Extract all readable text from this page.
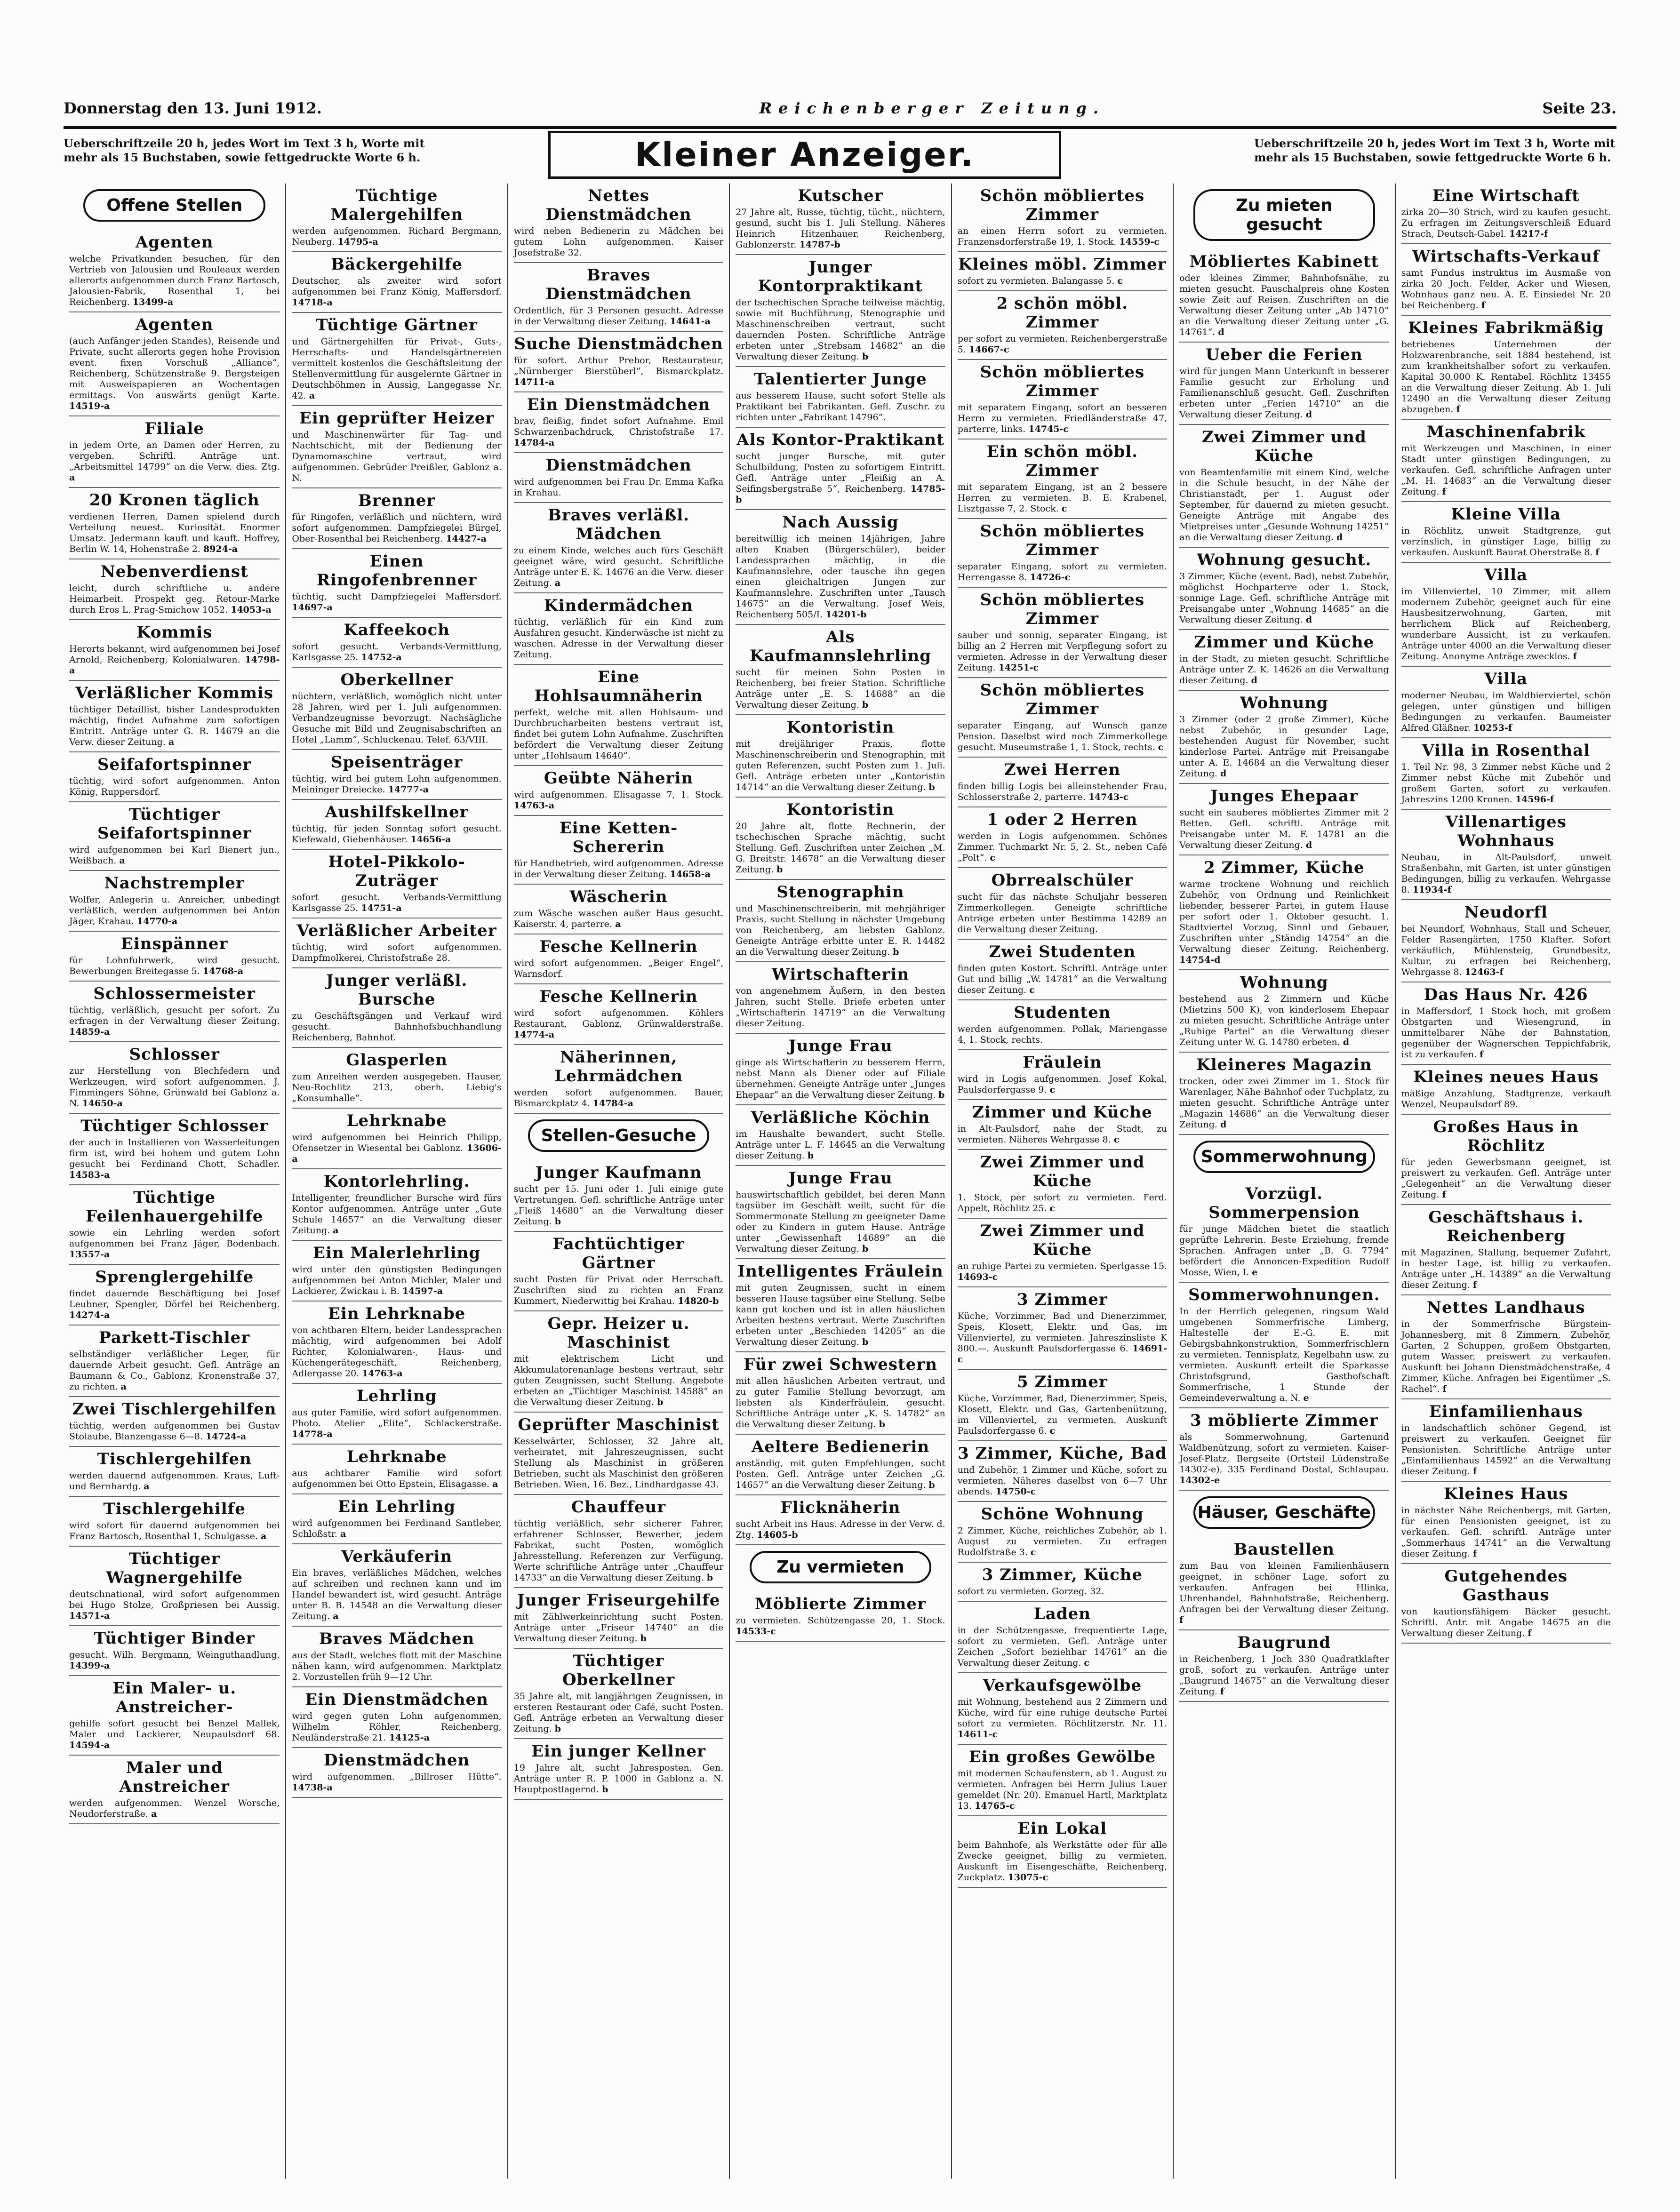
Donnerstag den 13. Juni 1912.	Reichenberger Zeitung.	Seite 23.
Ueberschriftzeile 20 h, jedes Wort im Text 3 h, Worte mit mehr als 15 Buchstaben, sowie fettgedruckte Worte 6 h.	Kleiner Anzeiger.	Ueberschriftzeile 20 h, jedes Wort im Text 3 h, Worte mit mehr als 15 Buchstaben, sowie fettgedruckte Worte 6 h.
Offene Stellen
Agenten

welche Privatkunden besuchen, für den Vertrieb von Jalousien und Rouleaux werden allerorts aufgenommen durch Franz Bartosch, Jalousien-Fabrik, Rosenthal 1, bei Reichenberg. 13499-a

Agenten

(auch Anfänger jeden Standes), Reisende und Private, sucht allerorts gegen hohe Provision event. fixen Vorschuß „Alliance“, Reichenberg, Schützenstraße 9. Bergsteigen mit Ausweispapieren an Wochentagen ermittags. Von auswärts genügt Karte. 14519-a

Filiale

in jedem Orte, an Damen oder Herren, zu vergeben. Schriftl. Anträge unt. „Arbeitsmittel 14799“ an die Verw. dies. Ztg. a

20 Kronen täglich

verdienen Herren, Damen spielend durch Verteilung neuest. Kuriosität. Enormer Umsatz. Jedermann kauft und kauft. Hoffrey, Berlin W. 14, Hohenstraße 2. 8924-a

Nebenverdienst

leicht, durch schriftliche u. andere Heimarbeit. Prospekt geg. Retour-Marke durch Eros L. Prag-Smichow 1052. 14053-a

Kommis

Herorts bekannt, wird aufgenommen bei Josef Arnold, Reichenberg, Kolonialwaren. 14798-a

Verläßlicher Kommis

tüchtiger Detaillist, bisher Landesprodukten mächtig, findet Aufnahme zum sofortigen Eintritt. Anträge unter G. R. 14679 an die Verw. dieser Zeitung. a

Seifafortspinner

tüchtig, wird sofort aufgenommen. Anton König, Ruppersdorf.

Tüchtiger Seifafortspinner

wird aufgenommen bei Karl Bienert jun., Weißbach. a

Nachstrempler

Wolfer, Anlegerin u. Anreicher, unbedingt verläßlich, werden aufgenommen bei Anton Jäger, Krahau. 14770-a

Einspänner

für Lohnfuhrwerk, wird gesucht. Bewerbungen Breitegasse 5. 14768-a

Schlossermeister

tüchtig, verläßlich, gesucht per sofort. Zu erfragen in der Verwaltung dieser Zeitung. 14859-a

Schlosser

zur Herstellung von Blechfedern und Werkzeugen, wird sofort aufgenommen. J. Fimmingers Söhne, Grünwald bei Gablonz a. N. 14650-a

Tüchtiger Schlosser

der auch in Installieren von Wasserleitungen firm ist, wird bei hohem und gutem Lohn gesucht bei Ferdinand Chott, Schadler. 14583-a

Tüchtige Feilenhauergehilfe

sowie ein Lehrling werden sofort aufgenommen bei Franz Jäger, Bodenbach. 13557-a

Sprenglergehilfe

findet dauernde Beschäftigung bei Josef Leubner, Spengler, Dörfel bei Reichenberg. 14274-a

Parkett-Tischler

selbständiger verläßlicher Leger, für dauernde Arbeit gesucht. Gefl. Anträge an Baumann & Co., Gablonz, Kronenstraße 37, zu richten. a

Zwei Tischlergehilfen

tüchtig, werden aufgenommen bei Gustav Stolaube, Blanzengasse 6—8. 14724-a

Tischlergehilfen

werden dauernd aufgenommen. Kraus, Luft- und Bernhardg. a

Tischlergehilfe

wird sofort für dauernd aufgenommen bei Franz Bartosch, Rosenthal 1, Schulgasse. a

Tüchtiger Wagnergehilfe

deutschnational, wird sofort aufgenommen bei Hugo Stolze, Großpriesen bei Aussig. 14571-a

Tüchtiger Binder

gesucht. Wilh. Bergmann, Weinguthandlung. 14399-a

Ein Maler- u. Anstreicher-

gehilfe sofort gesucht bei Benzel Mallek, Maler und Lackierer, Neupaulsdorf 68. 14594-a

Maler und Anstreicher

werden aufgenommen. Wenzel Worsche, Neudorferstraße. a

Tüchtige Malergehilfen

werden aufgenommen. Richard Bergmann, Neuberg. 14795-a

Bäckergehilfe

Deutscher, als zweiter wird sofort aufgenommen bei Franz König, Maffersdorf. 14718-a

Tüchtige Gärtner

und Gärtnergehilfen für Privat-, Guts-, Herrschafts- und Handelsgärtnereien vermittelt kostenlos die Geschäftsleitung der Stellenvermittlung für ausgelernte Gärtner in Deutschböhmen in Aussig, Langegasse Nr. 42. a

Ein geprüfter Heizer

und Maschinenwärter für Tag- und Nachtschicht, mit der Bedienung der Dynamomaschine vertraut, wird aufgenommen. Gebrüder Preißler, Gablonz a. N.

Brenner

für Ringofen, verläßlich und nüchtern, wird sofort aufgenommen. Dampfziegelei Bürgel, Ober-Rosenthal bei Reichenberg. 14427-a

Einen Ringofenbrenner

tüchtig, sucht Dampfziegelei Maffersdorf. 14697-a

Kaffeekoch

sofort gesucht. Verbands-Vermittlung, Karlsgasse 25. 14752-a

Oberkellner

nüchtern, verläßlich, womöglich nicht unter 28 Jahren, wird per 1. Juli aufgenommen. Verbandzeugnisse bevorzugt. Nachsägliche Gesuche mit Bild und Zeugnisabschriften an Hotel „Lamm“, Schluckenau. Telef. 63/VIII.

Speisenträger

tüchtig, wird bei gutem Lohn aufgenommen. Meininger Dreiecke. 14777-a

Aushilfskellner

tüchtig, für jeden Sonntag sofort gesucht. Kiefewald, Giebenhäuser. 14656-a

Hotel-Pikkolo-Zuträger

sofort gesucht. Verbands-Vermittlung Karlsgasse 25. 14751-a

Verläßlicher Arbeiter

tüchtig, wird sofort aufgenommen. Dampfmolkerei, Christofstraße 28.

Junger verläßl. Bursche

zu Geschäftsgängen und Verkauf wird gesucht. Bahnhofsbuchhandlung Reichenberg, Bahnhof.

Glasperlen

zum Anreihen werden ausgegeben. Hauser, Neu-Rochlitz 213, oberh. Liebig's „Konsumhalle“.

Lehrknabe

wird aufgenommen bei Heinrich Philipp, Ofensetzer in Wiesental bei Gablonz. 13606-a

Kontorlehrling.

Intelligenter, freundlicher Bursche wird fürs Kontor aufgenommen. Anträge unter „Gute Schule 14657“ an die Verwaltung dieser Zeitung. a

Ein Malerlehrling

wird unter den günstigsten Bedingungen aufgenommen bei Anton Michler, Maler und Lackierer, Zwickau i. B. 14597-a

Ein Lehrknabe

von achtbaren Eltern, beider Landessprachen mächtig, wird aufgenommen bei Adolf Richter, Kolonialwaren-, Haus- und Küchengerätegeschäft, Reichenberg, Adlergasse 20. 14763-a

Lehrling

aus guter Familie, wird sofort aufgenommen. Photo. Atelier „Elite“, Schlackerstraße. 14778-a

Lehrknabe

aus achtbarer Familie wird sofort aufgenommen bei Otto Epstein, Elisagasse. a

Ein Lehrling

wird aufgenommen bei Ferdinand Santleber, Schloßstr. a

Verkäuferin

Ein braves, verläßliches Mädchen, welches auf schreiben und rechnen kann und im Handel bewandert ist, wird gesucht. Anträge unter B. B. 14548 an die Verwaltung dieser Zeitung. a

Braves Mädchen

aus der Stadt, welches flott mit der Maschine nähen kann, wird aufgenommen. Marktplatz 2. Vorzustellen früh 9—12 Uhr.

Ein Dienstmädchen

wird gegen guten Lohn aufgenommen, Wilhelm Röhler, Reichenberg, Neuländerstraße 21. 14125-a

Dienstmädchen

wird aufgenommen. „Billroser Hütte“. 14738-a

Nettes Dienstmädchen

wird neben Bedienerin zu Mädchen bei gutem Lohn aufgenommen. Kaiser Josefstraße 32.

Braves Dienstmädchen

Ordentlich, für 3 Personen gesucht. Adresse in der Verwaltung dieser Zeitung. 14641-a

Suche Dienstmädchen

für sofort. Arthur Prebor, Restaurateur, „Nürnberger Bierstüberl“, Bismarckplatz. 14711-a

Ein Dienstmädchen

brav, fleißig, findet sofort Aufnahme. Emil Schwarzenbachdruck, Christofstraße 17. 14784-a

Dienstmädchen

wird aufgenommen bei Frau Dr. Emma Kafka in Krahau.

Braves verläßl. Mädchen

zu einem Kinde, welches auch fürs Geschäft geeignet wäre, wird gesucht. Schriftliche Anträge unter E. K. 14676 an die Verw. dieser Zeitung. a

Kindermädchen

tüchtig, verläßlich für ein Kind zum Ausfahren gesucht. Kinderwäsche ist nicht zu waschen. Adresse in der Verwaltung dieser Zeitung.

Eine Hohlsaumnäherin

perfekt, welche mit allen Hohlsaum- und Durchbrucharbeiten bestens vertraut ist, findet bei gutem Lohn Aufnahme. Zuschriften befördert die Verwaltung dieser Zeitung unter „Hohlsaum 14640“.

Geübte Näherin

wird aufgenommen. Elisagasse 7, 1. Stock. 14763-a

Eine Ketten-Schererin

für Handbetrieb, wird aufgenommen. Adresse in der Verwaltung dieser Zeitung. 14658-a

Wäscherin

zum Wäsche waschen außer Haus gesucht. Kaiserstr. 4, parterre. a

Fesche Kellnerin

wird sofort aufgenommen. „Beiger Engel“, Warnsdorf.

Fesche Kellnerin

wird sofort aufgenommen. Köhlers Restaurant, Gablonz, Grünwalderstraße. 14774-a

Näherinnen, Lehrmädchen

werden sofort aufgenommen. Bauer, Bismarckplatz 4. 14784-a

Stellen-Gesuche
Junger Kaufmann

sucht per 15. Juni oder 1. Juli einige gute Vertretungen. Gefl. schriftliche Anträge unter „Fleiß 14680“ an die Verwaltung dieser Zeitung. b

Fachtüchtiger Gärtner

sucht Posten für Privat oder Herrschaft. Zuschriften sind zu richten an Franz Kummert, Niederwittig bei Krahau. 14820-b

Gepr. Heizer u. Maschinist

mit elektrischem Licht und Akkumulatorenanlage bestens vertraut, sehr guten Zeugnissen, sucht Stellung. Angebote erbeten an „Tüchtiger Maschinist 14588“ an die Verwaltung dieser Zeitung. b

Geprüfter Maschinist

Kesselwärter, Schlosser, 32 Jahre alt, verheiratet, mit Jahreszeugnissen, sucht Stellung als Maschinist in größeren Betrieben, sucht als Maschinist den größeren Betrieben. Wien, 16. Bez., Lindhardgasse 43.

Chauffeur

tüchtig verläßlich, sehr sicherer Fahrer, erfahrener Schlosser, Bewerber, jedem Fabrikat, sucht Posten, womöglich Jahresstellung. Referenzen zur Verfügung. Werte schriftliche Anträge unter „Chauffeur 14733“ an die Verwaltung dieser Zeitung. b

Junger Friseurgehilfe

mit Zählwerkeinrichtung sucht Posten. Anträge unter „Friseur 14740“ an die Verwaltung dieser Zeitung. b

Tüchtiger Oberkellner

35 Jahre alt, mit langjährigen Zeugnissen, in ersteren Restaurant oder Café, sucht Posten. Gefl. Anträge erbeten an Verwaltung dieser Zeitung. b

Ein junger Kellner

19 Jahre alt, sucht Jahresposten. Gen. Anträge unter R. P. 1000 in Gablonz a. N. Hauptpostlagernd. b

Kutscher

27 Jahre alt, Russe, tüchtig, tücht., nüchtern, gesund, sucht bis 1. Juli Stellung. Näheres Heinrich Hitzenhauer, Reichenberg, Gablonzerstr. 14787-b

Junger Kontorpraktikant

der tschechischen Sprache teilweise mächtig, sowie mit Buchführung, Stenographie und Maschinenschreiben vertraut, sucht dauernden Posten. Schriftliche Anträge erbeten unter „Strebsam 14682“ an die Verwaltung dieser Zeitung. b

Talentierter Junge

aus besserem Hause, sucht sofort Stelle als Praktikant bei Fabrikanten. Gefl. Zuschr. zu richten unter „Fabrikant 14796“.

Als Kontor-Praktikant

sucht junger Bursche, mit guter Schulbildung, Posten zu sofortigem Eintritt. Gefl. Anträge unter „Fleißig an A. Seifingsbergstraße 5“, Reichenberg. 14785-b

Nach Aussig

bereitwillig ich meinen 14jährigen, Jahre alten Knaben (Bürgerschüler), beider Landessprachen mächtig, in die Kaufmannslehre, oder tausche ihn gegen einen gleichaltrigen Jungen zur Kaufmannslehre. Zuschriften unter „Tausch 14675“ an die Verwaltung. Josef Weis, Reichenberg 505/I. 14201-b

Als Kaufmannslehrling

sucht für meinen Sohn Posten in Reichenberg, bei freier Station. Schriftliche Anträge unter „E. S. 14688“ an die Verwaltung dieser Zeitung. b

Kontoristin

mit dreijähriger Praxis, flotte Maschinenschreiberin und Stenographin, mit guten Referenzen, sucht Posten zum 1. Juli. Gefl. Anträge erbeten unter „Kontoristin 14714“ an die Verwaltung dieser Zeitung. b

Kontoristin

20 Jahre alt, flotte Rechnerin, der tschechischen Sprache mächtig, sucht Stellung. Gefl. Zuschriften unter Zeichen „M. G. Breitstr. 14678“ an die Verwaltung dieser Zeitung. b

Stenographin

und Maschinenschreiberin, mit mehrjähriger Praxis, sucht Stellung in nächster Umgebung von Reichenberg, am liebsten Gablonz. Geneigte Anträge erbitte unter E. R. 14482 an die Verwaltung dieser Zeitung. b

Wirtschafterin

von angenehmem Äußern, in den besten Jahren, sucht Stelle. Briefe erbeten unter „Wirtschafterin 14719“ an die Verwaltung dieser Zeitung.

Junge Frau

ginge als Wirtschafterin zu besserem Herrn, nebst Mann als Diener oder auf Filiale übernehmen. Geneigte Anträge unter „Junges Ehepaar“ an die Verwaltung dieser Zeitung. b

Verläßliche Köchin

im Haushalte bewandert, sucht Stelle. Anträge unter L. F. 14645 an die Verwaltung dieser Zeitung. b

Junge Frau

hauswirtschaftlich gebildet, bei deren Mann tagsüber im Geschäft weilt, sucht für die Sommermonate Stellung zu geeigneter Dame oder zu Kindern in gutem Hause. Anträge unter „Gewissenhaft 14689“ an die Verwaltung dieser Zeitung. b

Intelligentes Fräulein

mit guten Zeugnissen, sucht in einem besseren Hause tagsüber eine Stellung. Selbe kann gut kochen und ist in allen häuslichen Arbeiten bestens vertraut. Werte Zuschriften erbeten unter „Beschieden 14205“ an die Verwaltung dieser Zeitung. b

Für zwei Schwestern

mit allen häuslichen Arbeiten vertraut, und zu guter Familie Stellung bevorzugt, am liebsten als Kinderfräulein, gesucht. Schriftliche Anträge unter „K. S. 14782“ an die Verwaltung dieser Zeitung. b

Aeltere Bedienerin

anständig, mit guten Empfehlungen, sucht Posten. Gefl. Anträge unter Zeichen „G. 14657“ an die Verwaltung dieser Zeitung. b

Flicknäherin

sucht Arbeit ins Haus. Adresse in der Verw. d. Ztg. 14605-b

Zu vermieten
Möblierte Zimmer

zu vermieten. Schützengasse 20, 1. Stock. 14533-c

Schön möbliertes Zimmer

an einen Herrn sofort zu vermieten. Franzensdorferstraße 19, 1. Stock. 14559-c

Kleines möbl. Zimmer

sofort zu vermieten. Balangasse 5. c

2 schön möbl. Zimmer

per sofort zu vermieten. Reichenbergerstraße 5. 14667-c

Schön möbliertes Zimmer

mit separatem Eingang, sofort an besseren Herrn zu vermieten. Friedländerstraße 47, parterre, links. 14745-c

Ein schön möbl. Zimmer

mit separatem Eingang, ist an 2 bessere Herren zu vermieten. B. E. Krabenel, Lisztgasse 7, 2. Stock. c

Schön möbliertes Zimmer

separater Eingang, sofort zu vermieten. Herrengasse 8. 14726-c

Schön möbliertes Zimmer

sauber und sonnig, separater Eingang, ist billig an 2 Herren mit Verpflegung sofort zu vermieten. Adresse in der Verwaltung dieser Zeitung. 14251-c

Schön möbliertes Zimmer

separater Eingang, auf Wunsch ganze Pension. Daselbst wird noch Zimmerkollege gesucht. Museumstraße 1, 1. Stock, rechts. c

Zwei Herren

finden billig Logis bei alleinstehender Frau, Schlosserstraße 2, parterre. 14743-c

1 oder 2 Herren

werden in Logis aufgenommen. Schönes Zimmer. Tuchmarkt Nr. 5, 2. St., neben Café „Polt“. c

Obrrealschüler

sucht für das nächste Schuljahr besseren Zimmerkollegen. Geneigte schriftliche Anträge erbeten unter Bestimma 14289 an die Verwaltung dieser Zeitung.

Zwei Studenten

finden guten Kostort. Schriftl. Anträge unter Gut und billig „W. 14781“ an die Verwaltung dieser Zeitung. c

Studenten

werden aufgenommen. Pollak, Mariengasse 4, 1. Stock, rechts.

Fräulein

wird in Logis aufgenommen. Josef Kokal, Paulsdorfergasse 9. c

Zimmer und Küche

in Alt-Paulsdorf, nahe der Stadt, zu vermieten. Näheres Wehrgasse 8. c

Zwei Zimmer und Küche

1. Stock, per sofort zu vermieten. Ferd. Appelt, Röchlitz 25. c

Zwei Zimmer und Küche

an ruhige Partei zu vermieten. Sperlgasse 15. 14693-c

3 Zimmer

Küche, Vorzimmer, Bad und Dienerzimmer, Speis, Klosett, Elektr. und Gas, im Villenviertel, zu vermieten. Jahreszinsliste K 800.—. Auskunft Paulsdorfergasse 6. 14691-c

5 Zimmer

Küche, Vorzimmer, Bad, Dienerzimmer, Speis, Klosett, Elektr. und Gas, Gartenbenützung, im Villenviertel, zu vermieten. Auskunft Paulsdorfergasse 6. c

3 Zimmer, Küche, Bad

und Zubehör, 1 Zimmer und Küche, sofort zu vermieten. Näheres daselbst von 6—7 Uhr abends. 14750-c

Schöne Wohnung

2 Zimmer, Küche, reichliches Zubehör, ab 1. August zu vermieten. Zu erfragen Rudolfstraße 3. c

3 Zimmer, Küche

sofort zu vermieten. Gorzeg. 32.

Laden

in der Schützengasse, frequentierte Lage, sofort zu vermieten. Gefl. Anträge unter Zeichen „Sofort beziehbar 14761“ an die Verwaltung dieser Zeitung. c

Verkaufsgewölbe

mit Wohnung, bestehend aus 2 Zimmern und Küche, wird für eine ruhige deutsche Partei sofort zu vermieten. Röchlitzerstr. Nr. 11. 14611-c

Ein großes Gewölbe

mit modernen Schaufenstern, ab 1. August zu vermieten. Anfragen bei Herrn Julius Lauer gemeldet (Nr. 20). Emanuel Hartl, Marktplatz 13. 14765-c

Ein Lokal

beim Bahnhofe, als Werkstätte oder für alle Zwecke geeignet, billig zu vermieten. Auskunft im Eisengeschäfte, Reichenberg, Zuckplatz. 13075-c

Zu mieten gesucht
Möbliertes Kabinett

oder kleines Zimmer, Bahnhofsnähe, zu mieten gesucht. Pauschalpreis ohne Kosten sowie Zeit auf Reisen. Zuschriften an die Verwaltung dieser Zeitung unter „Ab 14710“ an die Verwaltung dieser Zeitung unter „G. 14761“. d

Ueber die Ferien

wird für jungen Mann Unterkunft in besserer Familie gesucht zur Erholung und Familienanschluß gesucht. Gefl. Zuschriften erbeten unter „Ferien 14710“ an die Verwaltung dieser Zeitung. d

Zwei Zimmer und Küche

von Beamtenfamilie mit einem Kind, welche in die Schule besucht, in der Nähe der Christianstadt, per 1. August oder September, für dauernd zu mieten gesucht. Geneigte Anträge mit Angabe des Mietpreises unter „Gesunde Wohnung 14251“ an die Verwaltung dieser Zeitung. d

Wohnung gesucht.

3 Zimmer, Küche (event. Bad), nebst Zubehör, möglichst Hochparterre oder 1. Stock, sonnige Lage. Gefl. schriftliche Anträge mit Preisangabe unter „Wohnung 14685“ an die Verwaltung dieser Zeitung. d

Zimmer und Küche

in der Stadt, zu mieten gesucht. Schriftliche Anträge unter Z. K. 14626 an die Verwaltung dieser Zeitung. d

Wohnung

3 Zimmer (oder 2 große Zimmer), Küche nebst Zubehör, in gesunder Lage, bestehenden August für November, sucht kinderlose Partei. Anträge mit Preisangabe unter A. E. 14684 an die Verwaltung dieser Zeitung. d

Junges Ehepaar

sucht ein sauberes möbliertes Zimmer mit 2 Betten. Gefl. schriftl. Anträge mit Preisangabe unter M. F. 14781 an die Verwaltung dieser Zeitung. d

2 Zimmer, Küche

warme trockene Wohnung und reichlich Zubehör, von Ordnung und Reinlichkeit liebender, besserer Partei, in gutem Hause per sofort oder 1. Oktober gesucht. 1. Stadtviertel Vorzug, Sinnl und Gebauer, Zuschriften unter „Ständig 14754“ an die Verwaltung dieser Zeitung. Reichenberg. 14754-d

Wohnung

bestehend aus 2 Zimmern und Küche (Mietzins 500 K), von kinderlosem Ehepaar zu mieten gesucht. Schriftliche Anträge unter „Ruhige Partei“ an die Verwaltung dieser Zeitung unter W. G. 14780 erbeten. d

Kleineres Magazin

trocken, oder zwei Zimmer im 1. Stock für Warenlager, Nähe Bahnhof oder Tuchplatz, zu mieten gesucht. Schriftliche Anträge unter „Magazin 14686“ an die Verwaltung dieser Zeitung. d

Sommerwohnung
Vorzügl. Sommerpension

für junge Mädchen bietet die staatlich geprüfte Lehrerin. Beste Erziehung, fremde Sprachen. Anfragen unter „B. G. 7794“ befördert die Annoncen-Expedition Rudolf Mosse, Wien, I. e

Sommerwohnungen.

In der Herrlich gelegenen, ringsum Wald umgebenen Sommerfrische Limberg, Haltestelle der E.-G. E. mit Gebirgsbahnkonstruktion, Sommerfrischlern zu vermieten. Tennisplatz, Kegelbahn usw. zu vermieten. Auskunft erteilt die Sparkasse Christofsgrund, Gasthofschaft Sommerfrische, 1 Stunde der Gemeindeverwaltung a. N. e

3 möblierte Zimmer

als Sommerwohnung, Gartenund Waldbenützung, sofort zu vermieten. Kaiser-Josef-Platz, Bergseite (Ortsteil Lüdenstraße 14302-e), 335 Ferdinand Dostal, Schlaupau. 14302-e

Häuser, Geschäfte
Baustellen

zum Bau von kleinen Familienhäusern geeignet, in schöner Lage, sofort zu verkaufen. Anfragen bei Hlinka, Uhrenhandel, Bahnhofstraße, Reichenberg. Anfragen bei der Verwaltung dieser Zeitung. f

Baugrund

in Reichenberg, 1 Joch 330 Quadratklafter groß, sofort zu verkaufen. Anträge unter „Baugrund 14675“ an die Verwaltung dieser Zeitung. f

Eine Wirtschaft

zirka 20—30 Strich, wird zu kaufen gesucht. Zu erfragen im Zeitungsverschleiß Eduard Strach, Deutsch-Gabel. 14217-f

Wirtschafts-Verkauf

samt Fundus instruktus im Ausmaße von zirka 20 Joch. Felder, Acker und Wiesen, Wohnhaus ganz neu. A. E. Einsiedel Nr. 20 bei Reichenberg. f

Kleines Fabrikmäßig

betriebenes Unternehmen der Holzwarenbranche, seit 1884 bestehend, ist zum krankheitshalber sofort zu verkaufen. Kapital 30.000 K. Rentabel. Röchlitz 13455 an die Verwaltung dieser Zeitung. Ab 1. Juli 12490 an die Verwaltung dieser Zeitung abzugeben. f

Maschinenfabrik

mit Werkzeugen und Maschinen, in einer Stadt unter günstigen Bedingungen, zu verkaufen. Gefl. schriftliche Anfragen unter „M. H. 14683“ an die Verwaltung dieser Zeitung. f

Kleine Villa

in Röchlitz, unweit Stadtgrenze, gut verzinslich, in günstiger Lage, billig zu verkaufen. Auskunft Baurat Oberstraße 8. f

Villa

im Villenviertel, 10 Zimmer, mit allem modernem Zubehör, geeignet auch für eine Hausbesitzerwohnung, Garten, mit herrlichem Blick auf Reichenberg, wunderbare Aussicht, ist zu verkaufen. Anträge unter 4000 an die Verwaltung dieser Zeitung. Anonyme Anträge zwecklos. f

Villa

moderner Neubau, im Waldbierviertel, schön gelegen, unter günstigen und billigen Bedingungen zu verkaufen. Baumeister Alfred Gläßner. 10253-f

Villa in Rosenthal

1. Teil Nr. 98, 3 Zimmer nebst Küche und 2 Zimmer nebst Küche mit Zubehör und großem Garten, sofort zu verkaufen. Jahreszins 1200 Kronen. 14596-f

Villenartiges Wohnhaus

Neubau, in Alt-Paulsdorf, unweit Straßenbahn, mit Garten, ist unter günstigen Bedingungen, billig zu verkaufen. Wehrgasse 8. 11934-f

Neudorfl

bei Neundorf, Wohnhaus, Stall und Scheuer, Felder Rasengärten, 1750 Klafter. Sofort verkäuflich, Mühlensteig, Grundbesitz, Kultur, zu erfragen bei Reichenberg, Wehrgasse 8. 12463-f

Das Haus Nr. 426

in Maffersdorf, 1 Stock hoch, mit großem Obstgarten und Wiesengrund, in unmittelbarer Nähe der Bahnstation, gegenüber der Wagnerschen Teppichfabrik, ist zu verkaufen. f

Kleines neues Haus

mäßige Anzahlung, Stadtgrenze, verkauft Wenzel, Neupaulsdorf 89.

Großes Haus in Röchlitz

für jeden Gewerbsmann geeignet, ist preiswert zu verkaufen. Gefl. Anträge unter „Gelegenheit“ an die Verwaltung dieser Zeitung. f

Geschäftshaus i. Reichenberg

mit Magazinen, Stallung, bequemer Zufahrt, in bester Lage, ist billig zu verkaufen. Anträge unter „H. 14389“ an die Verwaltung dieser Zeitung. f

Nettes Landhaus

in der Sommerfrische Bürgstein-Johannesberg, mit 8 Zimmern, Zubehör, Garten, 2 Schuppen, großem Obstgarten, gutem Wasser, preiswert zu verkaufen. Auskunft bei Johann Dienstmädchenstraße, 4 Zimmer, Küche. Anfragen bei Eigentümer „S. Rachel“. f

Einfamilienhaus

in landschaftlich schöner Gegend, ist preiswert zu verkaufen. Geeignet für Pensionisten. Schriftliche Anträge unter „Einfamilienhaus 14592“ an die Verwaltung dieser Zeitung. f

Kleines Haus

in nächster Nähe Reichenbergs, mit Garten, für einen Pensionisten geeignet, ist zu verkaufen. Gefl. schriftl. Anträge unter „Sommerhaus 14741“ an die Verwaltung dieser Zeitung. f

Gutgehendes Gasthaus

von kautionsfähigem Bäcker gesucht. Schriftl. Antr. mit Angabe 14675 an die Verwaltung dieser Zeitung. f
